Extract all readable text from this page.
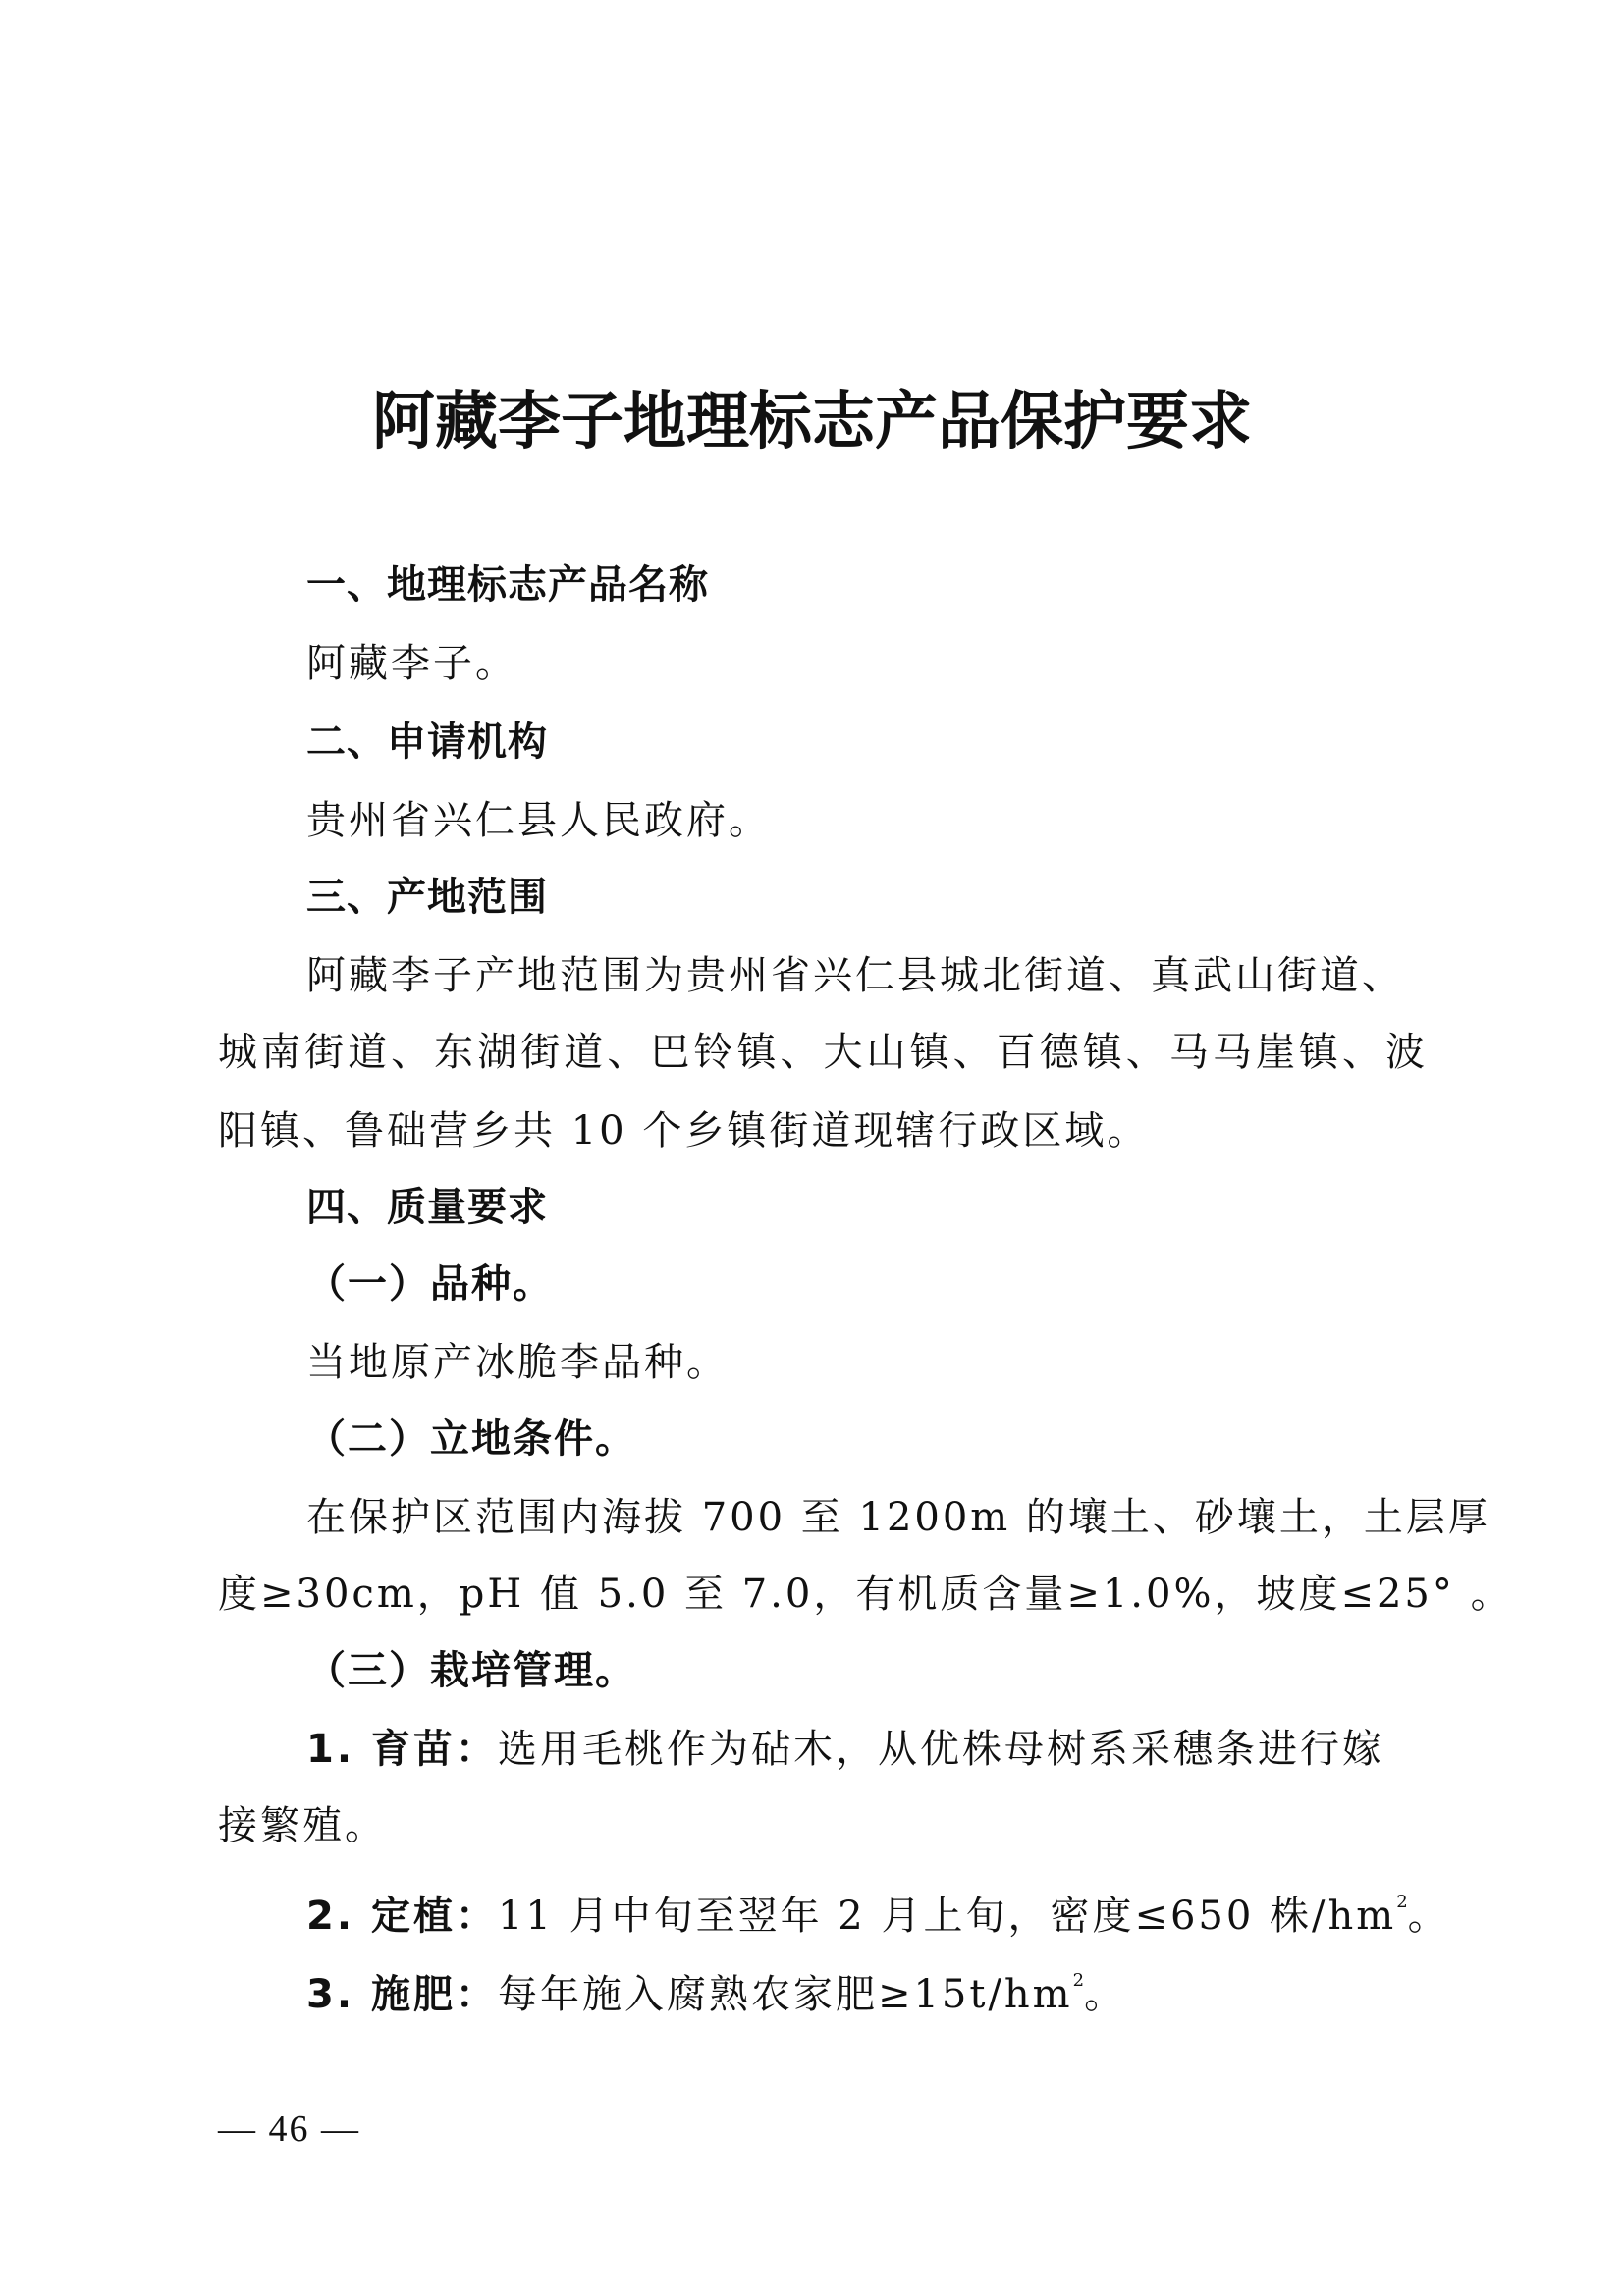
阿藏李子地理标志产品保护要求
一、地理标志产品名称
阿藏李子。
二、申请机构
贵州省兴仁县人民政府。
三、产地范围
阿藏李子产地范围为贵州省兴仁县城北街道、真武山街道、
城南街道、东湖街道、巴铃镇、大山镇、百德镇、马马崖镇、波
阳镇、鲁础营乡共 10 个乡镇街道现辖行政区域。
四、质量要求
（一）品种。
当地原产冰脆李品种。
（二）立地条件。
在保护区范围内海拔 700 至 1200m 的壤土、砂壤土，土层厚
度≥30cm，pH 值 5.0 至 7.0，有机质含量≥1.0%，坡度≤25° 。
（三）栽培管理。
1. 育苗：选用毛桃作为砧木，从优株母树系采穗条进行嫁
接繁殖。
2. 定植：11 月中旬至翌年 2 月上旬，密度≤650 株$/hm^2$。
3. 施肥：每年施入腐熟农家肥$\ge 15t/hm^2$。
— 46 —
